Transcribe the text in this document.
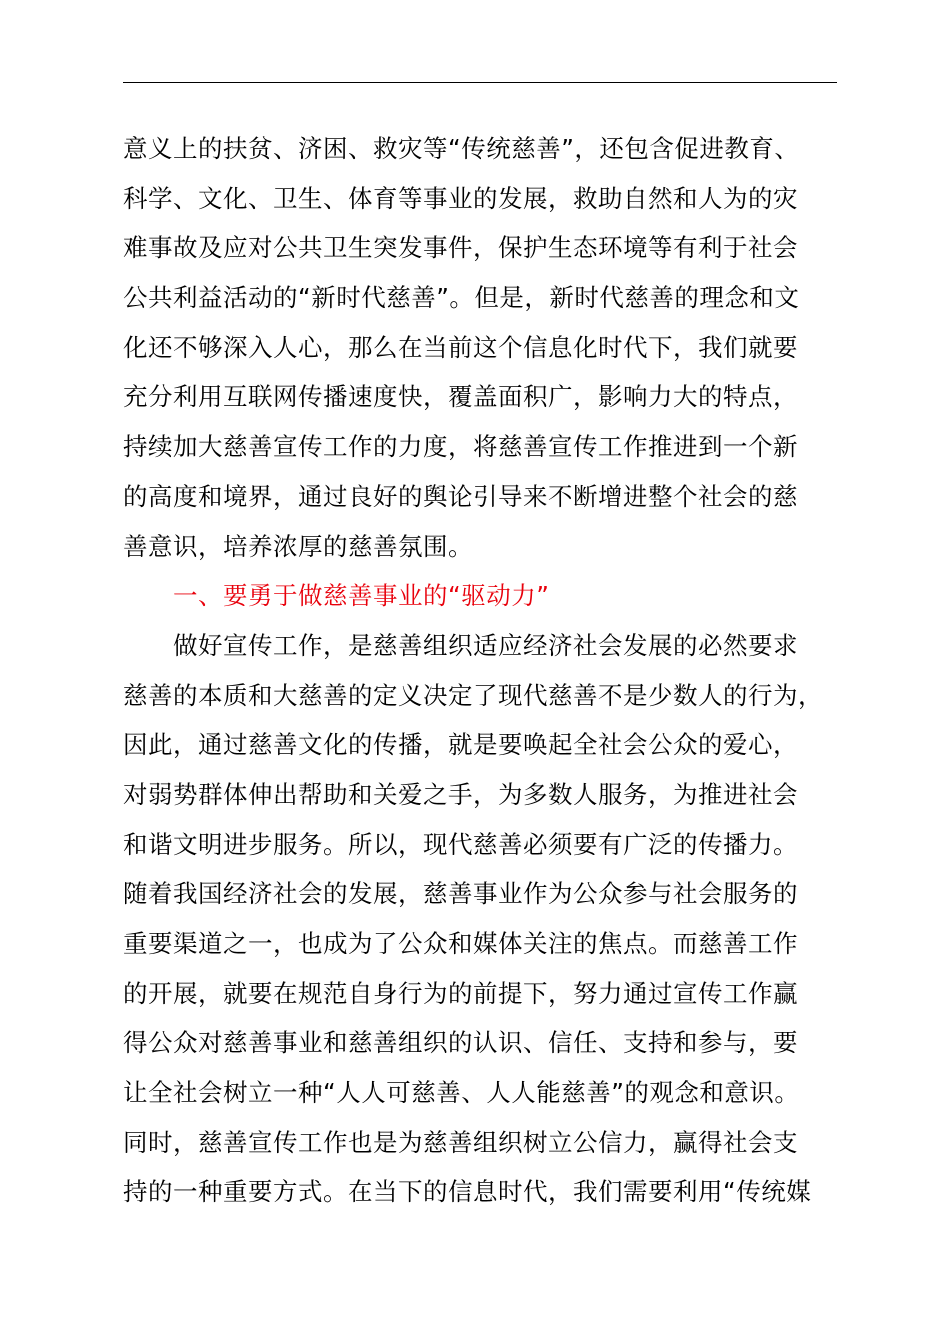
意义上的扶贫、济困、救灾等“传统慈善”，还包含促进教育、
科学、文化、卫生、体育等事业的发展，救助自然和人为的灾
难事故及应对公共卫生突发事件，保护生态环境等有利于社会
公共利益活动的“新时代慈善”。但是，新时代慈善的理念和文
化还不够深入人心，那么在当前这个信息化时代下，我们就要
充分利用互联网传播速度快，覆盖面积广，影响力大的特点，
持续加大慈善宣传工作的力度，将慈善宣传工作推进到一个新
的高度和境界，通过良好的舆论引导来不断增进整个社会的慈
善意识，培养浓厚的慈善氛围。
一、要勇于做慈善事业的“驱动力”
做好宣传工作，是慈善组织适应经济社会发展的必然要求
慈善的本质和大慈善的定义决定了现代慈善不是少数人的行为，
因此，通过慈善文化的传播，就是要唤起全社会公众的爱心，
对弱势群体伸出帮助和关爱之手，为多数人服务，为推进社会
和谐文明进步服务。所以，现代慈善必须要有广泛的传播力。
随着我国经济社会的发展，慈善事业作为公众参与社会服务的
重要渠道之一，也成为了公众和媒体关注的焦点。而慈善工作
的开展，就要在规范自身行为的前提下，努力通过宣传工作赢
得公众对慈善事业和慈善组织的认识、信任、支持和参与，要
让全社会树立一种“人人可慈善、人人能慈善”的观念和意识。
同时，慈善宣传工作也是为慈善组织树立公信力，赢得社会支
持的一种重要方式。在当下的信息时代，我们需要利用“传统媒
